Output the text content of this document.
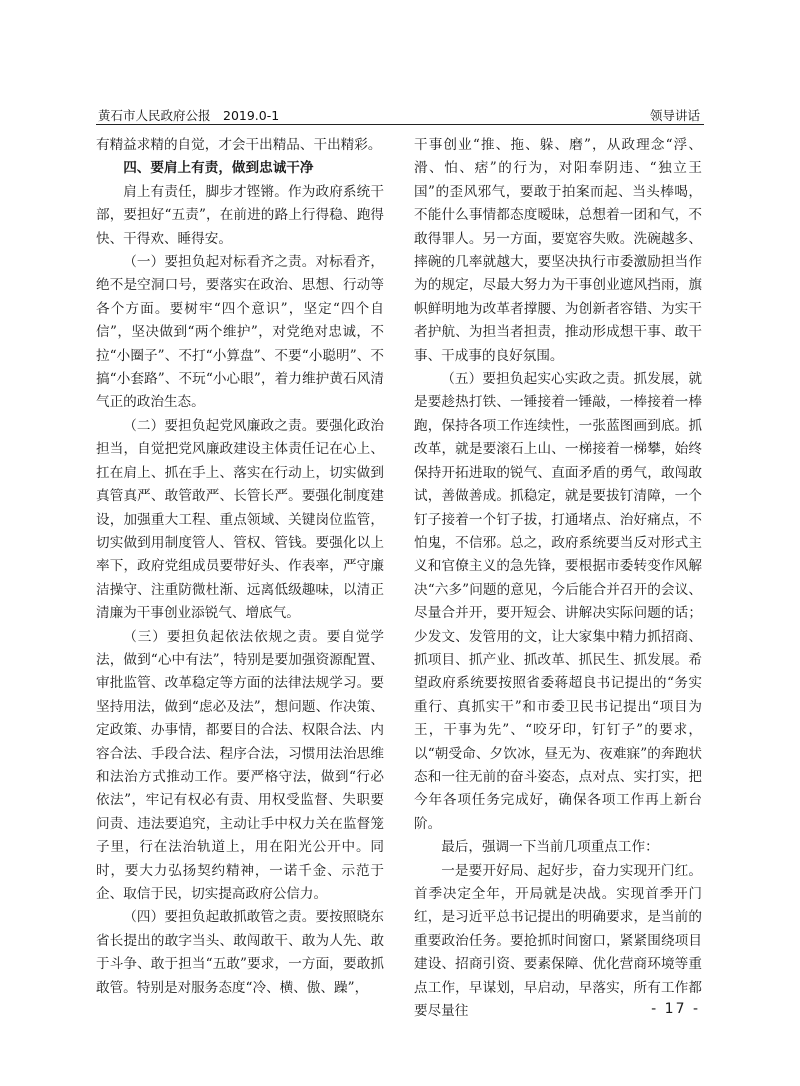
黄石市人民政府公报　2019.0-1	领导讲话

有精益求精的自觉，才会干出精品、干出精彩。

四、要肩上有责，做到忠诚干净

肩上有责任，脚步才铿锵。作为政府系统干部，要担好“五责”，在前进的路上行得稳、跑得快、干得欢、睡得安。

（一）要担负起对标看齐之责。对标看齐，绝不是空洞口号，要落实在政治、思想、行动等各个方面。要树牢“四个意识”，坚定“四个自信”，坚决做到“两个维护”，对党绝对忠诚，不拉“小圈子”、不打“小算盘”、不要“小聪明”、不搞“小套路”、不玩“小心眼”，着力维护黄石风清气正的政治生态。

（二）要担负起党风廉政之责。要强化政治担当，自觉把党风廉政建设主体责任记在心上、扛在肩上、抓在手上、落实在行动上，切实做到真管真严、敢管敢严、长管长严。要强化制度建设，加强重大工程、重点领域、关键岗位监管，切实做到用制度管人、管权、管钱。要强化以上率下，政府党组成员要带好头、作表率，严守廉洁操守、注重防微杜渐、远离低级趣味，以清正清廉为干事创业添锐气、增底气。

（三）要担负起依法依规之责。要自觉学法，做到“心中有法”，特别是要加强资源配置、审批监管、改革稳定等方面的法律法规学习。要坚持用法，做到“虑必及法”，想问题、作决策、定政策、办事情，都要目的合法、权限合法、内容合法、手段合法、程序合法，习惯用法治思维和法治方式推动工作。要严格守法，做到“行必依法”，牢记有权必有责、用权受监督、失职要问责、违法要追究，主动让手中权力关在监督笼子里，行在法治轨道上，用在阳光公开中。同时，要大力弘扬契约精神，一诺千金、示范于企、取信于民，切实提高政府公信力。

（四）要担负起敢抓敢管之责。要按照晓东省长提出的敢字当头、敢闯敢干、敢为人先、敢于斗争、敢于担当“五敢”要求，一方面，要敢抓敢管。特别是对服务态度“冷、横、傲、躁”，

干事创业“推、拖、躲、磨”，从政理念“浮、滑、怕、痞”的行为，对阳奉阴违、“独立王国”的歪风邪气，要敢于拍案而起、当头棒喝，不能什么事情都态度暧昧，总想着一团和气，不敢得罪人。另一方面，要宽容失败。洗碗越多、摔碗的几率就越大，要坚决执行市委激励担当作为的规定，尽最大努力为干事创业遮风挡雨，旗帜鲜明地为改革者撑腰、为创新者容错、为实干者护航、为担当者担责，推动形成想干事、敢干事、干成事的良好氛围。

（五）要担负起实心实政之责。抓发展，就是要趁热打铁、一锤接着一锤敲，一棒接着一棒跑，保持各项工作连续性，一张蓝图画到底。抓改革，就是要滚石上山、一梯接着一梯攀，始终保持开拓进取的锐气、直面矛盾的勇气，敢闯敢试，善做善成。抓稳定，就是要拔钉清障，一个钉子接着一个钉子拔，打通堵点、治好痛点，不怕鬼，不信邪。总之，政府系统要当反对形式主义和官僚主义的急先锋，要根据市委转变作风解决“六多”问题的意见，今后能合并召开的会议、尽量合并开，要开短会、讲解决实际问题的话；少发文、发管用的文，让大家集中精力抓招商、抓项目、抓产业、抓改革、抓民生、抓发展。希望政府系统要按照省委蒋超良书记提出的“务实重行、真抓实干”和市委卫民书记提出“项目为王，干事为先”、“咬牙印，钉钉子”的要求，以“朝受命、夕饮冰，昼无为、夜难寐”的奔跑状态和一往无前的奋斗姿态，点对点、实打实，把今年各项任务完成好，确保各项工作再上新台阶。

最后，强调一下当前几项重点工作：

一是要开好局、起好步，奋力实现开门红。首季决定全年，开局就是决战。实现首季开门红，是习近平总书记提出的明确要求，是当前的重要政治任务。要抢抓时间窗口，紧紧围绕项目建设、招商引资、要素保障、优化营商环境等重点工作，早谋划，早启动，早落实，所有工作都要尽量往	- 17 -
